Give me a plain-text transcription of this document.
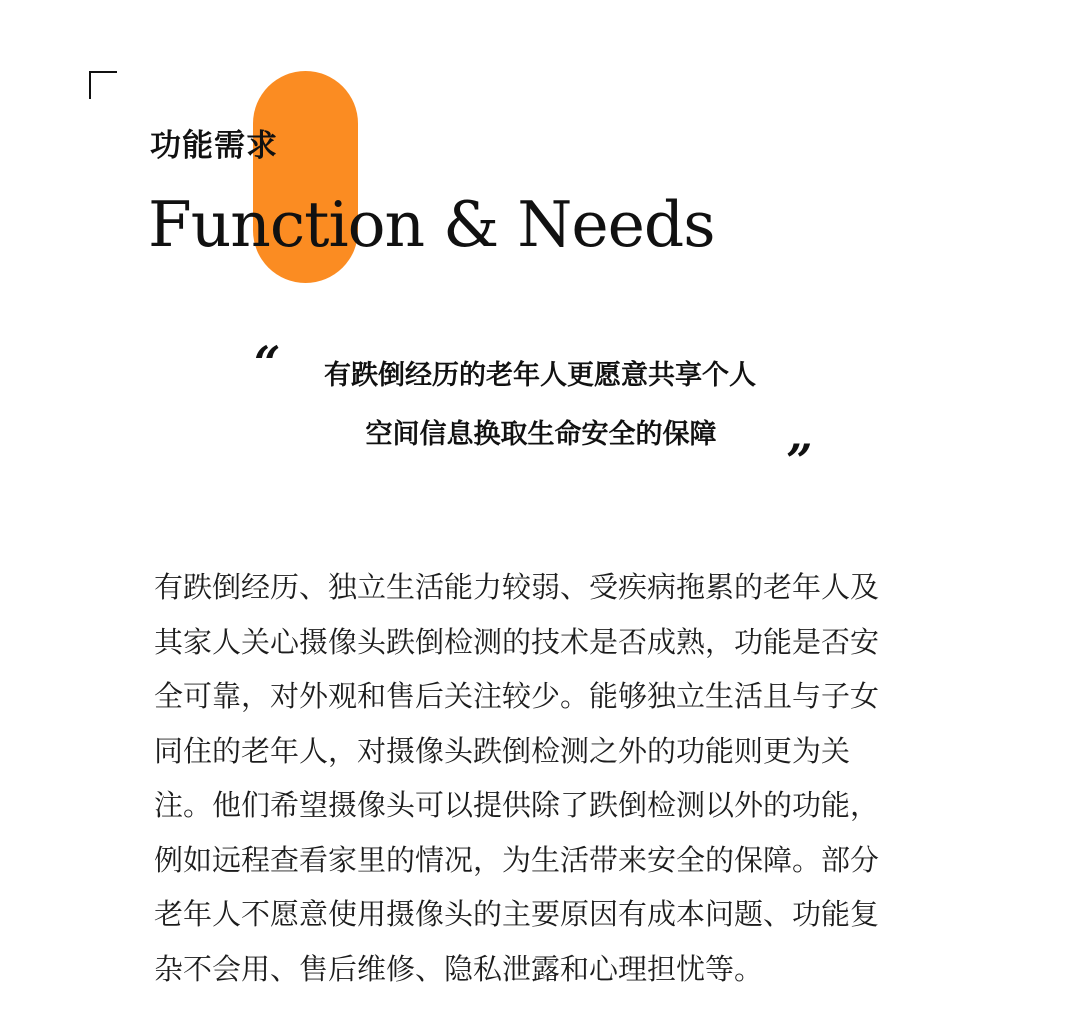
功能需求
Function & Needs
“	有跌倒经历的老年人更愿意共享个人
空间信息换取生命安全的保障	”
有跌倒经历、独立生活能力较弱、受疾病拖累的老年人及
其家人关心摄像头跌倒检测的技术是否成熟，功能是否安
全可靠，对外观和售后关注较少。能够独立生活且与子女
同住的老年人，对摄像头跌倒检测之外的功能则更为关
注。他们希望摄像头可以提供除了跌倒检测以外的功能，
例如远程查看家里的情况，为生活带来安全的保障。部分
老年人不愿意使用摄像头的主要原因有成本问题、功能复
杂不会用、售后维修、隐私泄露和心理担忧等。
